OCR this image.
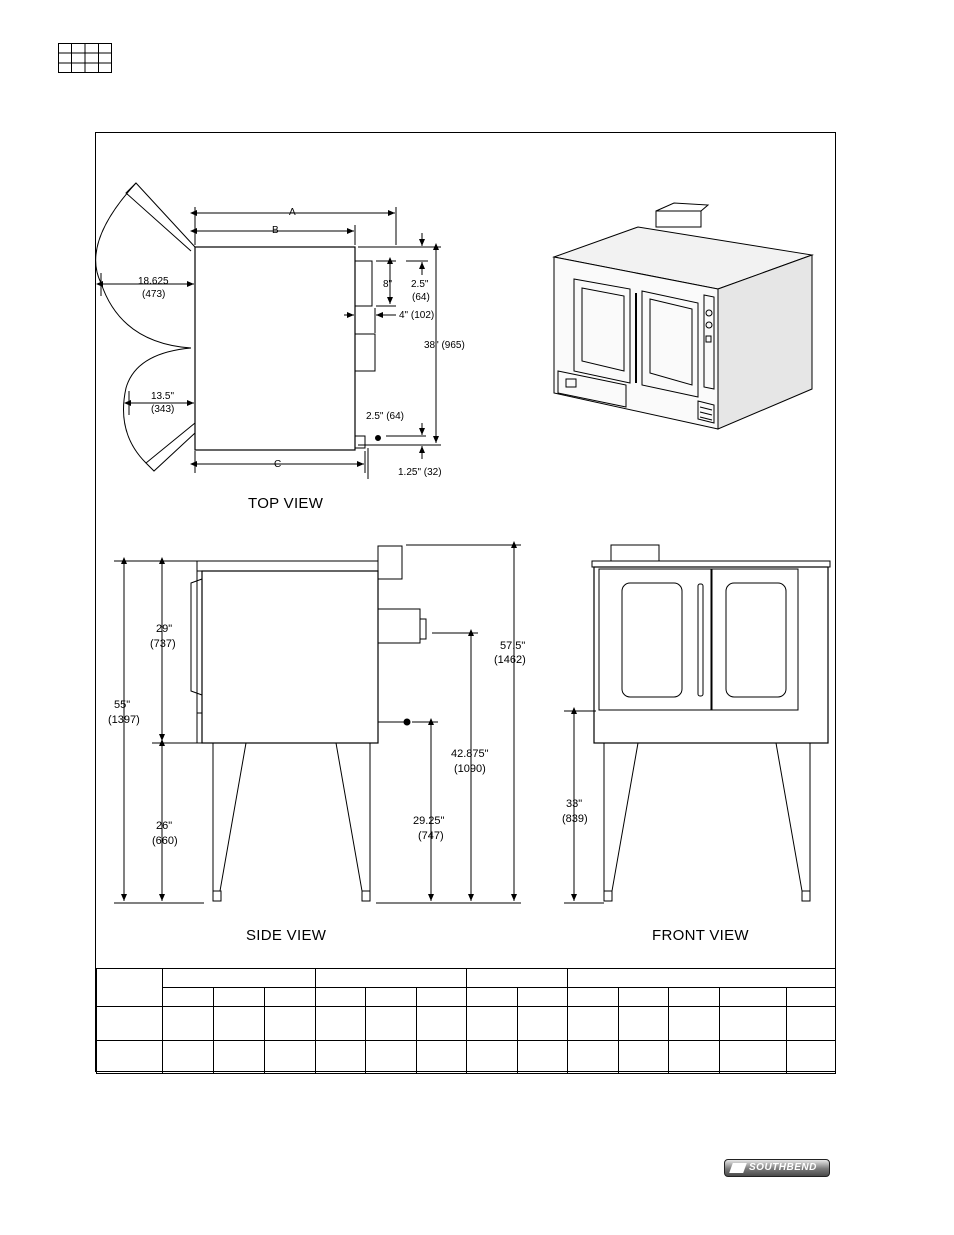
A
B
C
18.625
(473)
13.5"
(343)
8" 2.5"
(64)
4" (102)
38" (965)
2.5" (64)
1.25" (32)
29"
(737)
55"
(1397)
26"
(660)
57.5"
(1462)
42.875"
(1090)
29.25"
(747)
33"
(839)
TOP VIEW
SIDE VIEW	FRONT VIEW

SOUTHBEND
